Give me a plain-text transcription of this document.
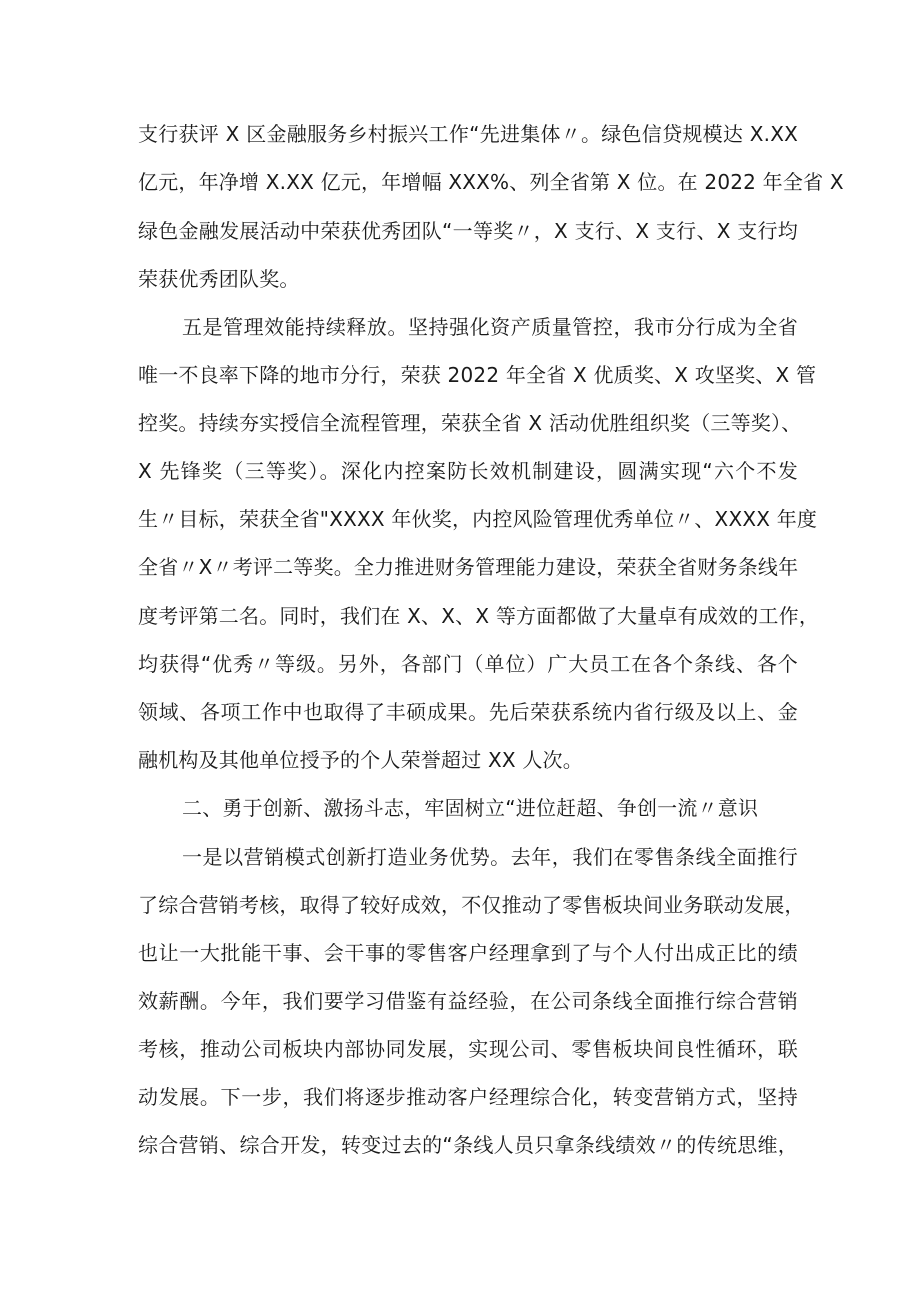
支行获评 X 区金融服务乡村振兴工作“先进集体〃。绿色信贷规模达 X.XX
亿元，年净增 X.XX 亿元，年增幅 XXX%、列全省第 X 位。在 2022 年全省 X
绿色金融发展活动中荣获优秀团队“一等奖〃，X 支行、X 支行、X 支行均
荣获优秀团队奖。
五是管理效能持续释放。坚持强化资产质量管控，我市分行成为全省
唯一不良率下降的地市分行，荣获 2022 年全省 X 优质奖、X 攻坚奖、X 管
控奖。持续夯实授信全流程管理，荣获全省 X 活动优胜组织奖（三等奖）、
X 先锋奖（三等奖）。深化内控案防长效机制建设，圆满实现“六个不发
生〃目标，荣获全省"XXXX 年伙奖，内控风险管理优秀单位〃、XXXX 年度
全省〃X〃考评二等奖。全力推进财务管理能力建设，荣获全省财务条线年
度考评第二名。同时，我们在 X、X、X 等方面都做了大量卓有成效的工作，
均获得“优秀〃等级。另外，各部门（单位）广大员工在各个条线、各个
领域、各项工作中也取得了丰硕成果。先后荣获系统内省行级及以上、金
融机构及其他单位授予的个人荣誉超过 XX 人次。
二、勇于创新、激扬斗志，牢固树立“进位赶超、争创一流〃意识
一是以营销模式创新打造业务优势。去年，我们在零售条线全面推行
了综合营销考核，取得了较好成效，不仅推动了零售板块间业务联动发展，
也让一大批能干事、会干事的零售客户经理拿到了与个人付出成正比的绩
效薪酬。今年，我们要学习借鉴有益经验，在公司条线全面推行综合营销
考核，推动公司板块内部协同发展，实现公司、零售板块间良性循环，联
动发展。下一步，我们将逐步推动客户经理综合化，转变营销方式，坚持
综合营销、综合开发，转变过去的“条线人员只拿条线绩效〃的传统思维，
